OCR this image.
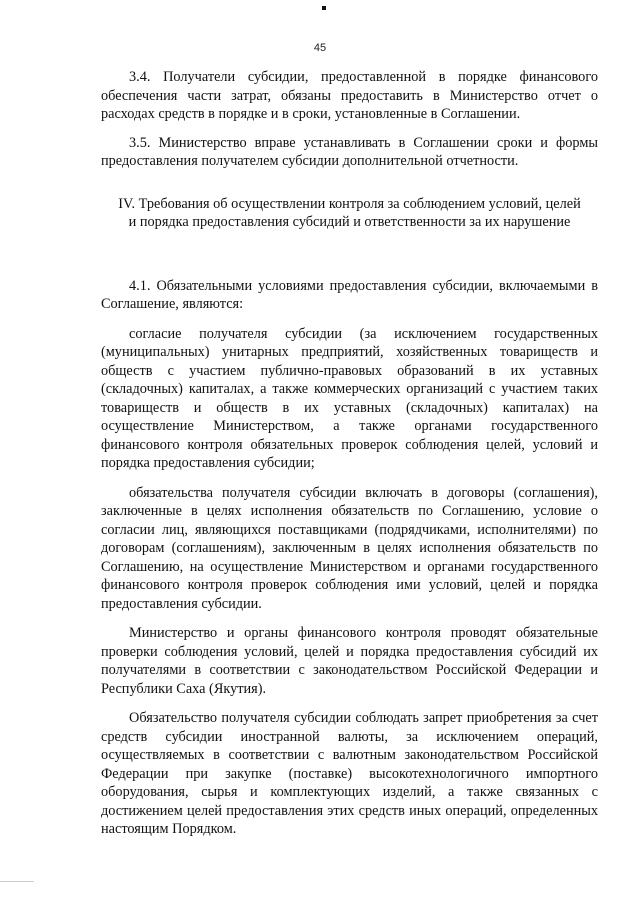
45

3.4. Получатели субсидии, предоставленной в порядке финансового обеспечения части затрат, обязаны предоставить в Министерство отчет о расходах средств в порядке и в сроки, установленные в Соглашении.

3.5. Министерство вправе устанавливать в Соглашении сроки и формы предоставления получателем субсидии дополнительной отчетности.

IV. Требования об осуществлении контроля за соблюдением условий, целей и порядка предоставления субсидий и ответственности за их нарушение

4.1. Обязательными условиями предоставления субсидии, включаемыми в Соглашение, являются:

согласие получателя субсидии (за исключением государственных (муниципальных) унитарных предприятий, хозяйственных товариществ и обществ с участием публично-правовых образований в их уставных (складочных) капиталах, а также коммерческих организаций с участием таких товариществ и обществ в их уставных (складочных) капиталах) на осуществление Министерством, а также органами государственного финансового контроля обязательных проверок соблюдения целей, условий и порядка предоставления субсидии;

обязательства получателя субсидии включать в договоры (соглашения), заключенные в целях исполнения обязательств по Соглашению, условие о согласии лиц, являющихся поставщиками (подрядчиками, исполнителями) по договорам (соглашениям), заключенным в целях исполнения обязательств по Соглашению, на осуществление Министерством и органами государственного финансового контроля проверок соблюдения ими условий, целей и порядка предоставления субсидии.

Министерство и органы финансового контроля проводят обязательные проверки соблюдения условий, целей и порядка предоставления субсидий их получателями в соответствии с законодательством Российской Федерации и Республики Саха (Якутия).

Обязательство получателя субсидии соблюдать запрет приобретения за счет средств субсидии иностранной валюты, за исключением операций, осуществляемых в соответствии с валютным законодательством Российской Федерации при закупке (поставке) высокотехнологичного импортного оборудования, сырья и комплектующих изделий, а также связанных с достижением целей предоставления этих средств иных операций, определенных настоящим Порядком.
